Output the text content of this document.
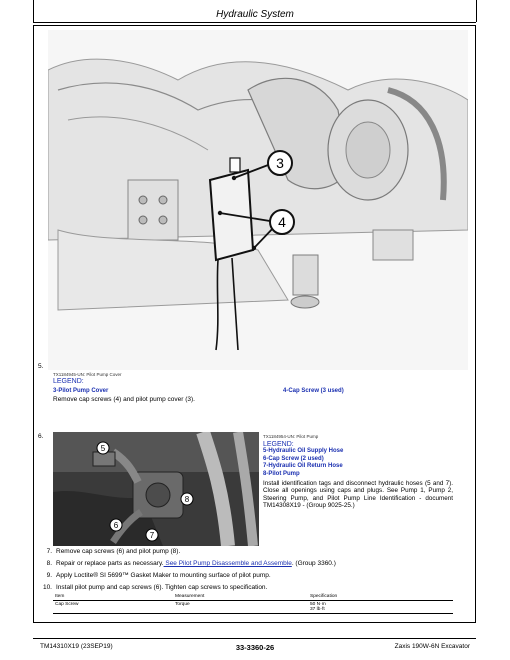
Hydraulic System
3
4
5.
TX1184945-UN: Pilot Pump Cover
LEGEND:
3-Pilot Pump Cover	4-Cap Screw (3 used)
Remove cap screws (4) and pilot pump cover (3).
6.
5
8
6
7
TX1184954-UN: Pilot Pump
LEGEND:
5-Hydraulic Oil Supply Hose
6-Cap Screw (2 used)
7-Hydraulic Oil Return Hose
8-Pilot Pump
Install identification tags and disconnect hydraulic hoses (5 and 7). Close all openings using caps and plugs. See Pump 1, Pump 2, Steering Pump, and Pilot Pump Line Identification - document TM14308X19 - (Group 9025-25.)
7. Remove cap screws (6) and pilot pump (8).
8. Repair or replace parts as necessary. See Pilot Pump Disassemble and Assemble. (Group 3360.)
9. Apply Loctite® SI 5699™ Gasket Maker to mounting surface of pilot pump.
10. Install pilot pump and cap screws (6). Tighten cap screws to specification.
Item	Measurement	Specification
Cap Screw	Torque	50 N·m
37 lb·ft
TM14310X19 (23SEP19)	33-3360-26	Zaxis 190W-6N Excavator
